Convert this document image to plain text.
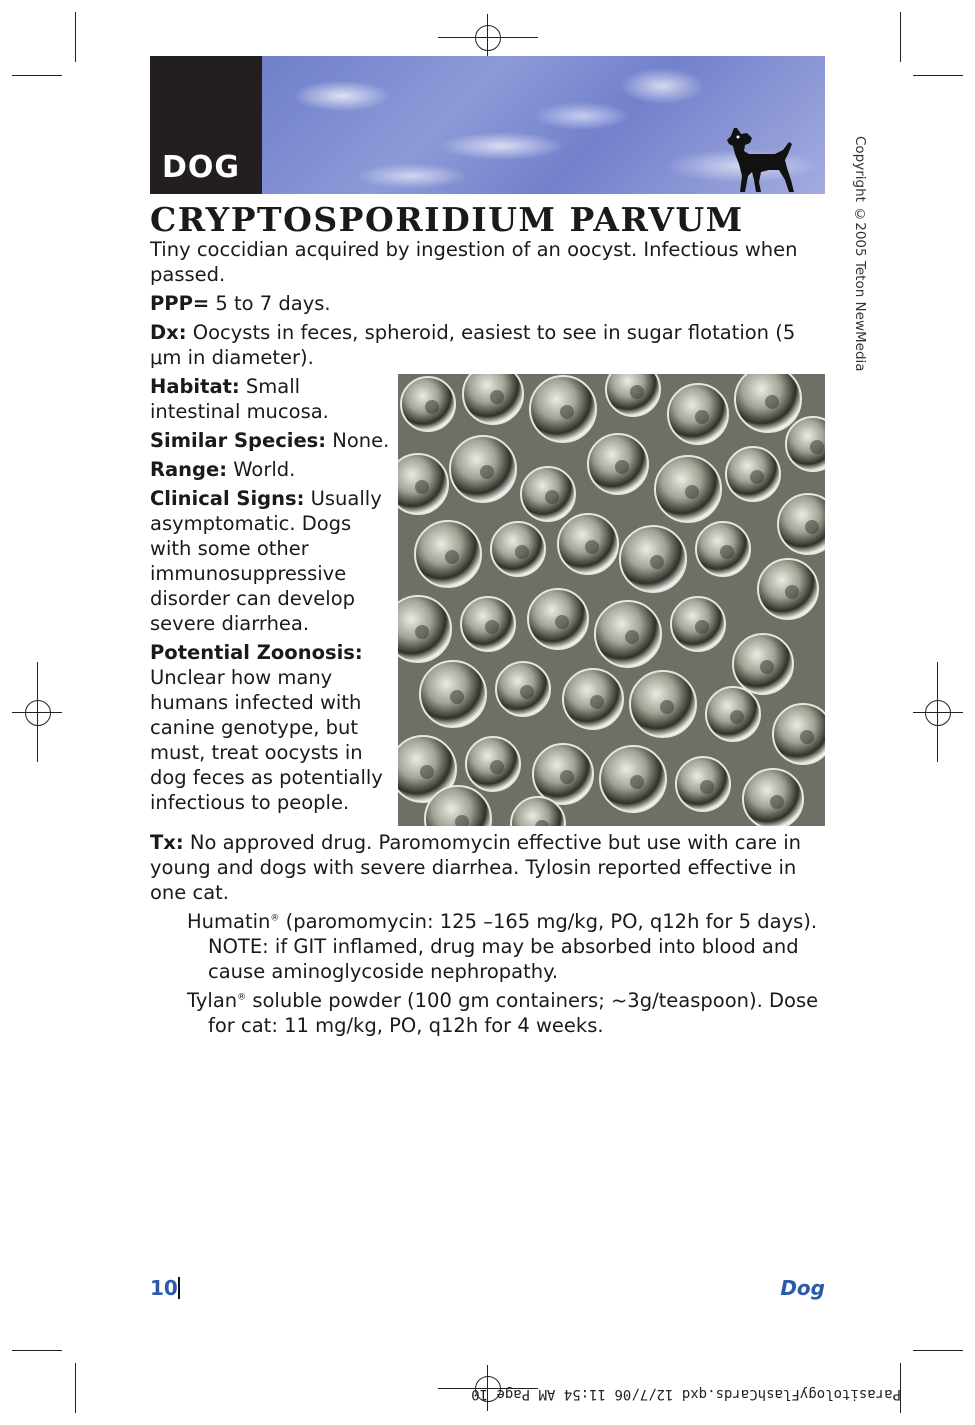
DOG	Copyright ©2005 Teton NewMedia
CRYPTOSPORIDIUM PARVUM

Tiny coccidian acquired by ingestion of an oocyst. Infectious when passed.

PPP= 5 to 7 days.

Dx: Oocysts in feces, spheroid, easiest to see in sugar flotation (5 μm in diameter).

Habitat: Small intestinal mucosa.

Similar Species: None.

Range: World.

Clinical Signs: Usually asymptomatic. Dogs with some other immunosuppressive disorder can develop severe diarrhea.

Potential Zoonosis: Unclear how many humans infected with canine genotype, but must, treat oocysts in dog feces as potentially infectious to people.

Tx: No approved drug. Paromomycin effective but use with care in young and dogs with severe diarrhea. Tylosin reported effective in one cat.

Humatin® (paromomycin: 125 –165 mg/kg, PO, q12h for 5 days). NOTE: if GIT inflamed, drug may be absorbed into blood and cause aminoglycoside nephropathy.

Tylan® soluble powder (100 gm containers; ~3g/teaspoon). Dose for cat: 11 mg/kg, PO, q12h for 4 weeks.

10	Dog
ParasitologyFlashCards.qxd 12/7/06 11:54 AM Page 10
